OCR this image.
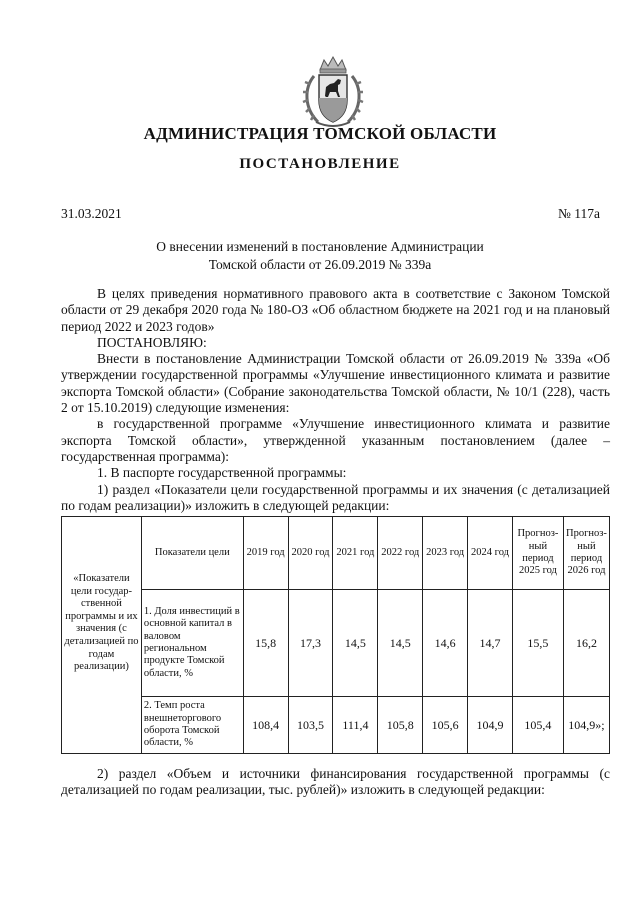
АДМИНИСТРАЦИЯ ТОМСКОЙ ОБЛАСТИ
ПОСТАНОВЛЕНИЕ
31.03.2021	№ 117а
О внесении изменений в постановление Администрации
Томской области от 26.09.2019 № 339а

В целях приведения нормативного правового акта в соответствие с Законом Томской области от 29 декабря 2020 года № 180-ОЗ «Об областном бюджете на 2021 год и на плановый период 2022 и 2023 годов»

ПОСТАНОВЛЯЮ:

Внести в постановление Администрации Томской области от 26.09.2019 № 339а «Об утверждении государственной программы «Улучшение инвестиционного климата и развитие экспорта Томской области» (Собрание законодательства Томской области, № 10/1 (228), часть 2 от 15.10.2019) следующие изменения:

в государственной программе «Улучшение инвестиционного климата и развитие экспорта Томской области», утвержденной указанным постановлением (далее – государственная программа):

1. В паспорте государственной программы:

1) раздел «Показатели цели государственной программы и их значения (с детализацией по годам реализации)» изложить в следующей редакции:

«Показатели цели государ-ственной программы и их значения (с детализацией по годам реализации)	Показатели цели	2019 год	2020 год	2021 год	2022 год	2023 год	2024 год	Прогноз-ный период 2025 год	Прогноз-ный период 2026 год
	1. Доля инвестиций в основной капитал в валовом региональном продукте Томской области, %	15,8	17,3	14,5	14,5	14,6	14,7	15,5	16,2
	2. Темп роста внешнеторгового оборота Томской области, %	108,4	103,5	111,4	105,8	105,6	104,9	105,4	104,9»;

2) раздел «Объем и источники финансирования государственной программы (с детализацией по годам реализации, тыс. рублей)» изложить в следующей редакции:
